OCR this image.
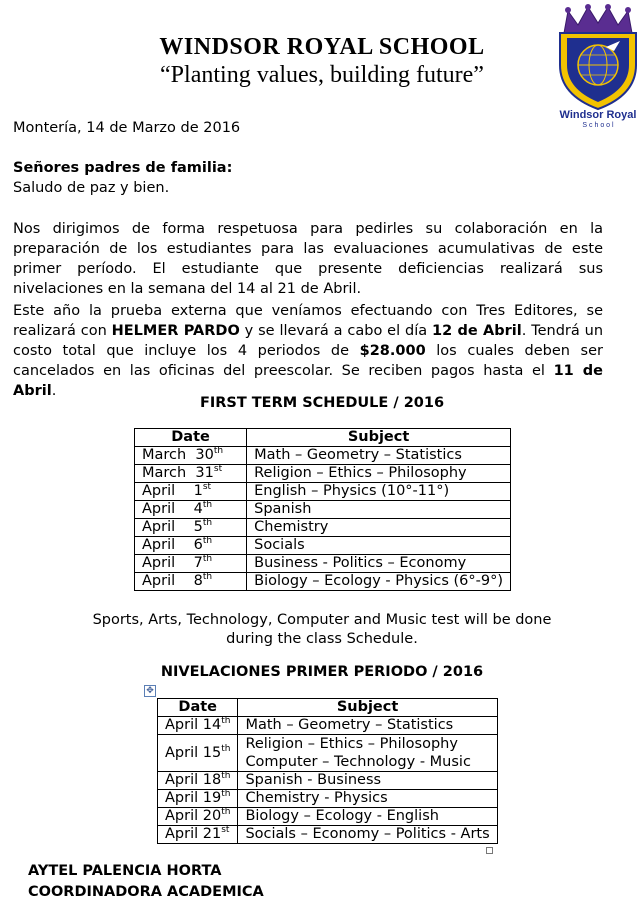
WINDSOR ROYAL SCHOOL
“Planting values, building future”
Windsor Royal
S c h o o l
Montería, 14 de Marzo de 2016
Señores padres de familia:
Saludo de paz y bien.
Nos dirigimos de forma respetuosa para pedirles su colaboración en la preparación de los estudiantes para las evaluaciones acumulativas de este primer período. El estudiante que presente deficiencias realizará sus nivelaciones en la semana del 14 al 21 de Abril.
Este año la prueba externa que veníamos efectuando con Tres Editores, se realizará con HELMER PARDO y se llevará a cabo el día 12 de Abril. Tendrá un costo total que incluye los 4 periodos de $28.000 los cuales deben ser cancelados en las oficinas del preescolar. Se reciben pagos hasta el 11 de Abril.
FIRST TERM SCHEDULE / 2016
Date	Subject
March 30th	Math – Geometry – Statistics
March 31st	Religion – Ethics – Philosophy
April 1st	English – Physics (10°-11°)
April 4th	Spanish
April 5th	Chemistry
April 6th	Socials
April 7th	Business - Politics – Economy
April 8th	Biology – Ecology - Physics (6°-9°)
Sports, Arts, Technology, Computer and Music test will be done
during the class Schedule.
NIVELACIONES PRIMER PERIODO / 2016
✥
Date	Subject
April 14th	Math – Geometry – Statistics
April 15th	Religion – Ethics – Philosophy
Computer – Technology - Music

April 18th	Spanish - Business
April 19th	Chemistry - Physics
April 20th	Biology – Ecology - English
April 21st	Socials – Economy – Politics - Arts
AYTEL PALENCIA HORTA
COORDINADORA ACADEMICA
